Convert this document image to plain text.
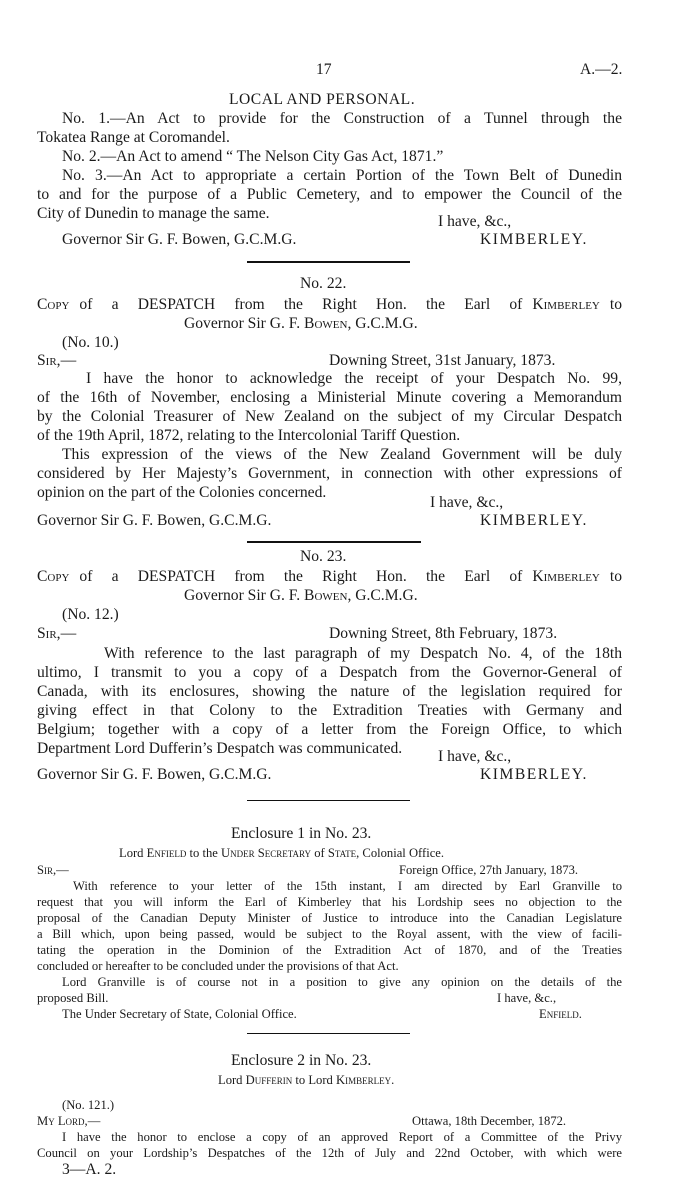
17	A.—2.
LOCAL AND PERSONAL.
No. 1.—An Act to provide for the Construction of a Tunnel through the
Tokatea Range at Coromandel.
No. 2.—An Act to amend “ The Nelson City Gas Act, 1871.”
No. 3.—An Act to appropriate a certain Portion of the Town Belt of Dunedin
to and for the purpose of a Public Cemetery, and to empower the Council of the
City of Dunedin to manage the same.	I have, &c.,
Governor Sir G. F. Bowen, G.C.M.G.	KIMBERLEY.
No. 22.
Copy of a DESPATCH from the Right Hon. the Earl of Kimberley to
Governor Sir G. F. Bowen, G.C.M.G.
(No. 10.)
Sir,—	Downing Street, 31st January, 1873.
I have the honor to acknowledge the receipt of your Despatch No. 99,
of the 16th of November, enclosing a Ministerial Minute covering a Memorandum
by the Colonial Treasurer of New Zealand on the subject of my Circular Despatch
of the 19th April, 1872, relating to the Intercolonial Tariff Question.
This expression of the views of the New Zealand Government will be duly
considered by Her Majesty’s Government, in connection with other expressions of
opinion on the part of the Colonies concerned.
I have, &c.,
Governor Sir G. F. Bowen, G.C.M.G.	KIMBERLEY.
No. 23.
Copy of a DESPATCH from the Right Hon. the Earl of Kimberley to
Governor Sir G. F. Bowen, G.C.M.G.
(No. 12.)
Sir,—	Downing Street, 8th February, 1873.
With reference to the last paragraph of my Despatch No. 4, of the 18th
ultimo, I transmit to you a copy of a Despatch from the Governor-General of
Canada, with its enclosures, showing the nature of the legislation required for
giving effect in that Colony to the Extradition Treaties with Germany and
Belgium; together with a copy of a letter from the Foreign Office, to which
Department Lord Dufferin’s Despatch was communicated. I have, &c.,
Governor Sir G. F. Bowen, G.C.M.G.	KIMBERLEY.
Enclosure 1 in No. 23.
Lord Enfield to the Under Secretary of State, Colonial Office.
Sir,—	Foreign Office, 27th January, 1873.
With reference to your letter of the 15th instant, I am directed by Earl Granville to
request that you will inform the Earl of Kimberley that his Lordship sees no objection to the
proposal of the Canadian Deputy Minister of Justice to introduce into the Canadian Legislature
a Bill which, upon being passed, would be subject to the Royal assent, with the view of facili-
tating the operation in the Dominion of the Extradition Act of 1870, and of the Treaties
concluded or hereafter to be concluded under the provisions of that Act.
Lord Granville is of course not in a position to give any opinion on the details of the
proposed Bill.	I have, &c.,
The Under Secretary of State, Colonial Office.	Enfield.
Enclosure 2 in No. 23.
Lord Dufferin to Lord Kimberley.
(No. 121.)
My Lord,—	Ottawa, 18th December, 1872.
I have the honor to enclose a copy of an approved Report of a Committee of the Privy
Council on your Lordship’s Despatches of the 12th of July and 22nd October, with which were
3—A. 2.
